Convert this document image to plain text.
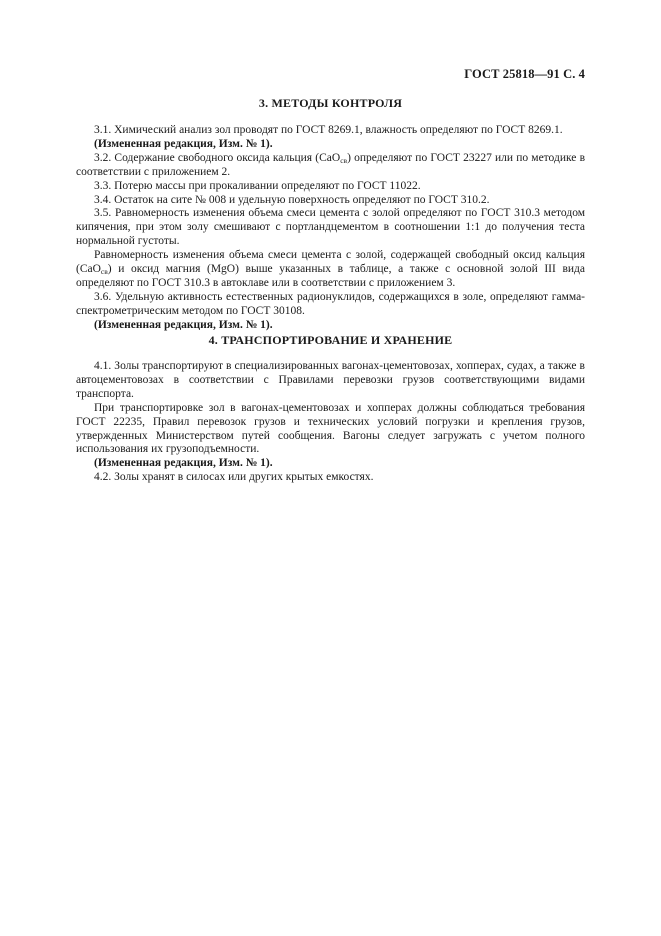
ГОСТ 25818—91 С. 4
3. МЕТОДЫ КОНТРОЛЯ

3.1. Химический анализ зол проводят по ГОСТ 8269.1, влажность определяют по ГОСТ 8269.1.

(Измененная редакция, Изм. № 1).

3.2. Содержание свободного оксида кальция (CaO$_{св}$) определяют по ГОСТ 23227 или по методике в соответствии с приложением 2.

3.3. Потерю массы при прокаливании определяют по ГОСТ 11022.

3.4. Остаток на сите № 008 и удельную поверхность определяют по ГОСТ 310.2.

3.5. Равномерность изменения объема смеси цемента с золой определяют по ГОСТ 310.3 методом кипячения, при этом золу смешивают с портландцементом в соотношении 1:1 до получения теста нормальной густоты.

Равномерность изменения объема смеси цемента с золой, содержащей свободный оксид кальция (CaO$_{св}$) и оксид магния (MgO) выше указанных в таблице, а также с основной золой III вида определяют по ГОСТ 310.3 в автоклаве или в соответствии с приложением 3.

3.6. Удельную активность естественных радионуклидов, содержащихся в золе, определяют гамма-спектрометрическим методом по ГОСТ 30108.

(Измененная редакция, Изм. № 1).

4. ТРАНСПОРТИРОВАНИЕ И ХРАНЕНИЕ

4.1. Золы транспортируют в специализированных вагонах-цементовозах, хопперах, судах, а также в автоцементовозах в соответствии с Правилами перевозки грузов соответствующими видами транспорта.

При транспортировке зол в вагонах-цементовозах и хопперах должны соблюдаться требования ГОСТ 22235, Правил перевозок грузов и технических условий погрузки и крепления грузов, утвержденных Министерством путей сообщения. Вагоны следует загружать с учетом полного использования их грузоподъемности.

(Измененная редакция, Изм. № 1).

4.2. Золы хранят в силосах или других крытых емкостях.
